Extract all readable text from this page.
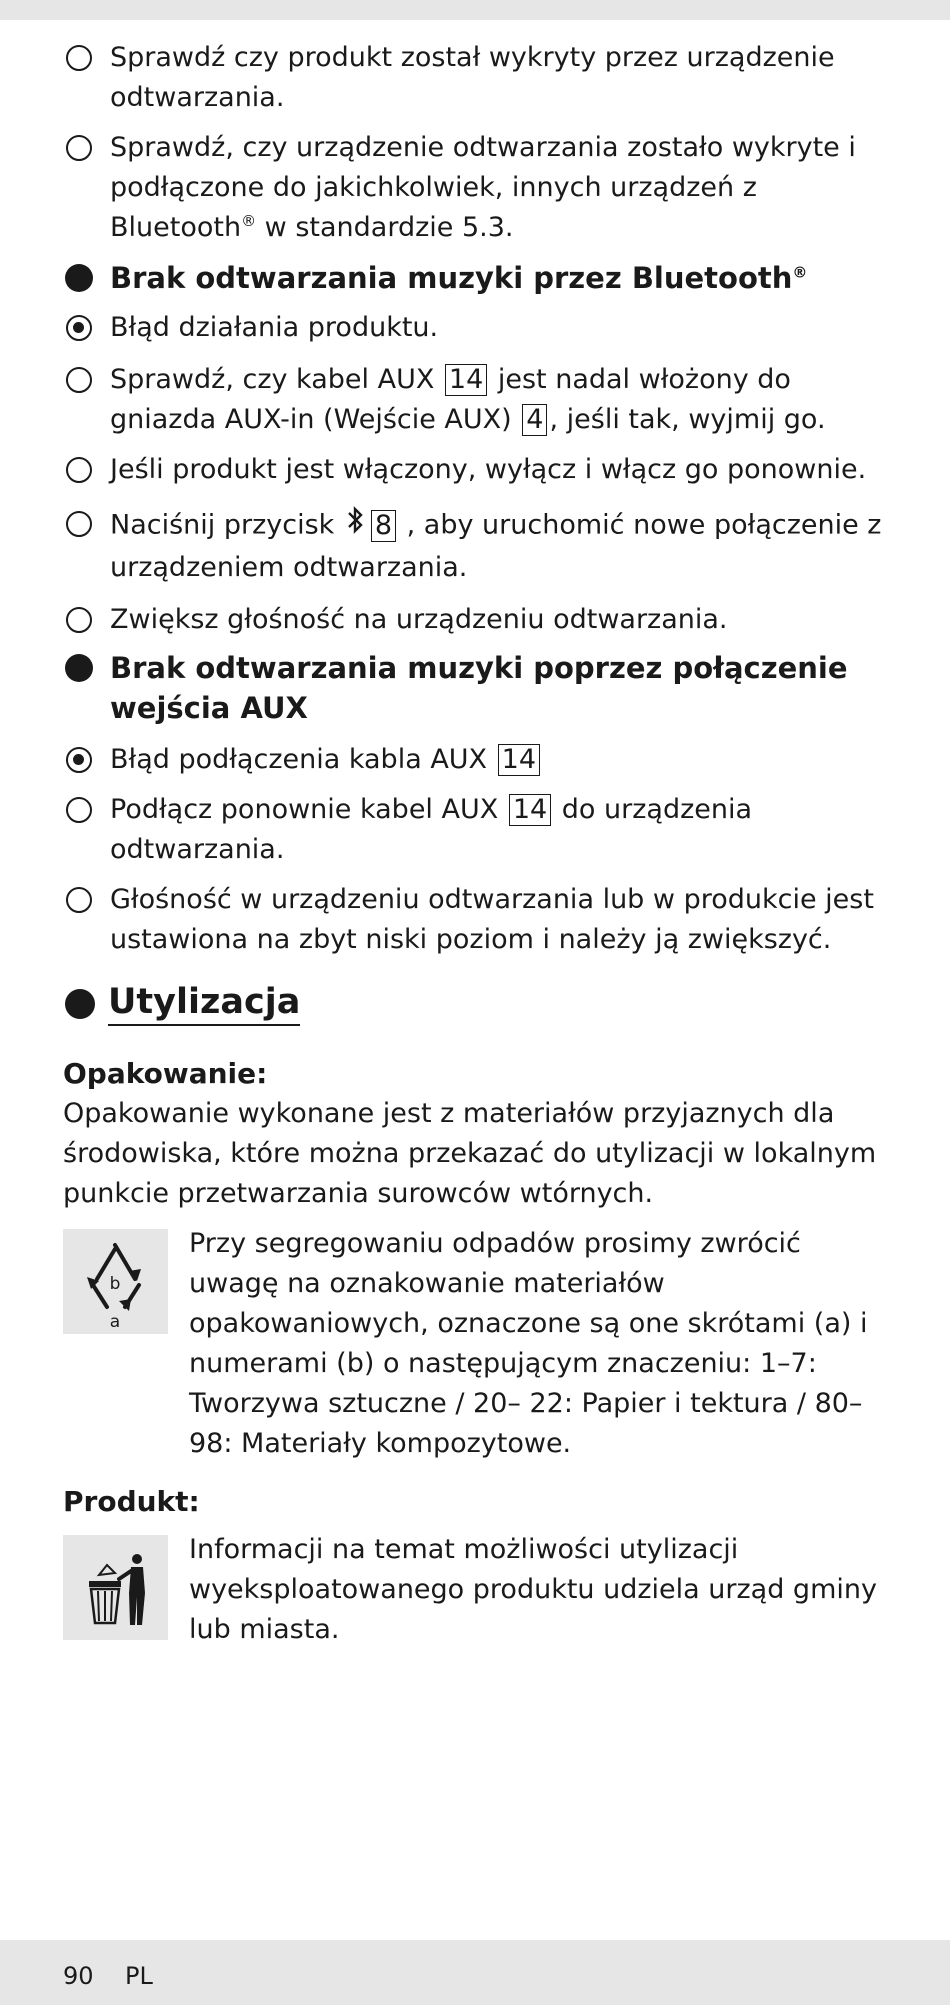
Sprawdź czy produkt został wykryty przez urządzenie odtwarzania.
Sprawdź, czy urządzenie odtwarzania zostało wykryte i podłączone do jakichkolwiek, innych urządzeń z Bluetooth® w standardzie 5.3.
Brak odtwarzania muzyki przez Bluetooth®
Błąd działania produktu.
Sprawdź, czy kabel AUX 14 jest nadal włożony do gniazda AUX-in (Wejście AUX) 4 , jeśli tak, wyjmij go.
Jeśli produkt jest włączony, wyłącz i włącz go ponownie.
Naciśnij przycisk 8 , aby uruchomić nowe połączenie z urządzeniem odtwarzania.
Zwiększ głośność na urządzeniu odtwarzania.
Brak odtwarzania muzyki poprzez połączenie wejścia AUX
Błąd podłączenia kabla AUX 14
Podłącz ponownie kabel AUX 14 do urządzenia odtwarzania.
Głośność w urządzeniu odtwarzania lub w produkcie jest ustawiona na zbyt niski poziom i należy ją zwiększyć.
Utylizacja
Opakowanie:
Opakowanie wykonane jest z materiałów przyjaznych dla środowiska, które można przekazać do utylizacji w lokalnym punkcie przetwarzania surowców wtórnych.
b
a
Przy segregowaniu odpadów prosimy zwrócić uwagę na oznakowanie materiałów opakowaniowych, oznaczone są one skrótami (a) i numerami (b) o następującym znaczeniu: 1–7: Tworzywa sztuczne / 20– 22: Papier i tektura / 80–98: Materiały kompozytowe.
Produkt:
Informacji na temat możliwości utylizacji wyeksploatowanego produktu udziela urząd gminy lub miasta.
90 PL
